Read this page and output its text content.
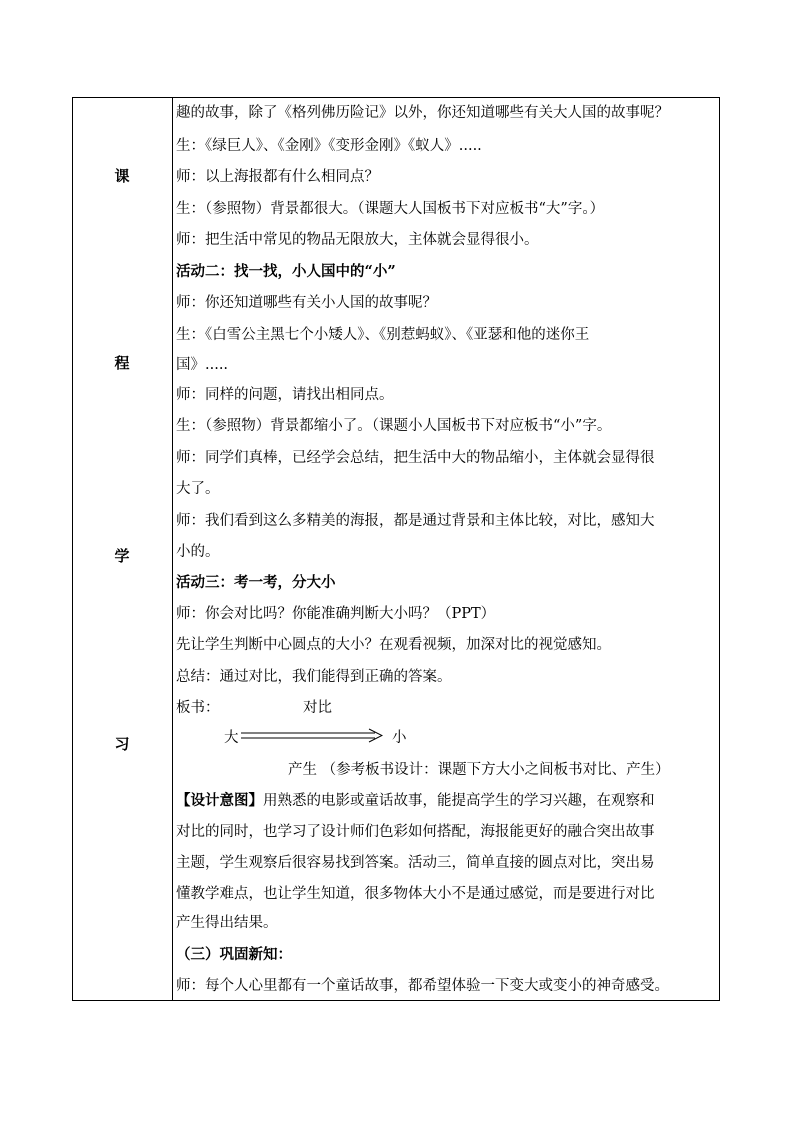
课
程
学
习
趣的故事，除了《格列佛历险记》以外，你还知道哪些有关大人国的故事呢？
生：《绿巨人》、《金刚》《变形金刚》《蚁人》.....
师：以上海报都有什么相同点？
生：（参照物）背景都很大。（课题大人国板书下对应板书“大”字。）
师：把生活中常见的物品无限放大，主体就会显得很小。
活动二：找一找，小人国中的“小”
师：你还知道哪些有关小人国的故事呢？
生：《白雪公主黑七个小矮人》、《别惹蚂蚁》、《亚瑟和他的迷你王
国》.....
师：同样的问题，请找出相同点。
生：（参照物）背景都缩小了。（课题小人国板书下对应板书“小”字。
师：同学们真棒，已经学会总结，把生活中大的物品缩小，主体就会显得很
大了。
师：我们看到这么多精美的海报，都是通过背景和主体比较，对比，感知大
小的。
活动三：考一考，分大小
师：你会对比吗？你能准确判断大小吗？（PPT）
先让学生判断中心圆点的大小？在观看视频，加深对比的视觉感知。
总结：通过对比，我们能得到正确的答案。
板书：	对比
大	小
产生 （参考板书设计：课题下方大小之间板书对比、产生）
【设计意图】用熟悉的电影或童话故事，能提高学生的学习兴趣，在观察和
对比的同时，也学习了设计师们色彩如何搭配，海报能更好的融合突出故事
主题，学生观察后很容易找到答案。活动三，简单直接的圆点对比，突出易
懂教学难点，也让学生知道，很多物体大小不是通过感觉，而是要进行对比
产生得出结果。
（三）巩固新知：
师：每个人心里都有一个童话故事，都希望体验一下变大或变小的神奇感受。
